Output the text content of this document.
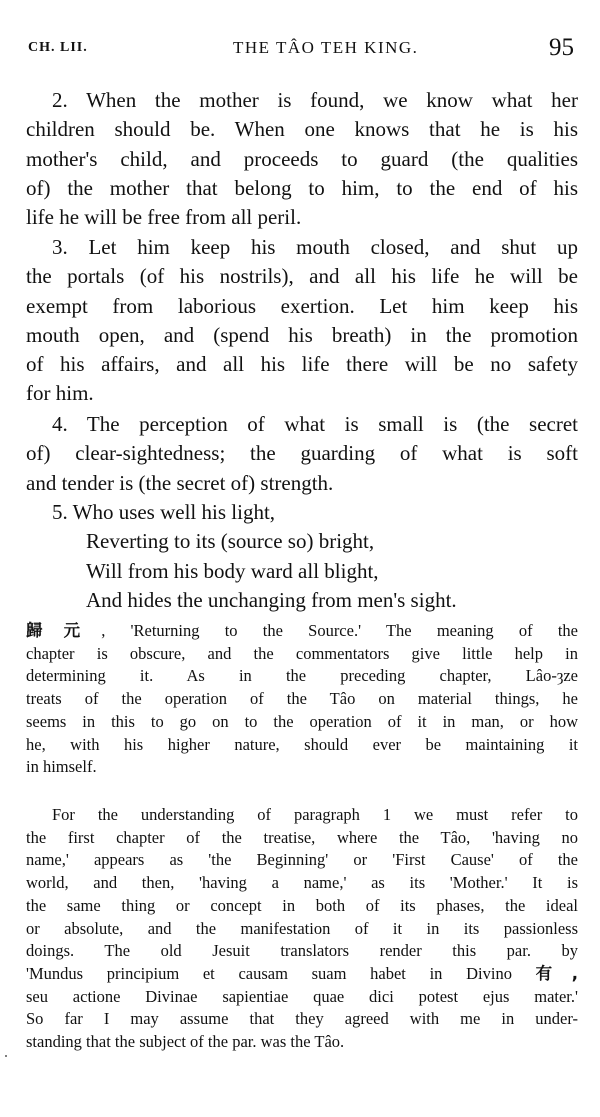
CH. LII.	THE TÂO TEH KING.	95
2. When the mother is found, we know what her
children should be. When one knows that he is his
mother's child, and proceeds to guard (the qualities
of) the mother that belong to him, to the end of his
life he will be free from all peril.
3. Let him keep his mouth closed, and shut up
the portals (of his nostrils), and all his life he will be
exempt from laborious exertion. Let him keep his
mouth open, and (spend his breath) in the promotion
of his affairs, and all his life there will be no safety
for him.
4. The perception of what is small is (the secret
of) clear-sightedness; the guarding of what is soft
and tender is (the secret of) strength.
5. Who uses well his light,
Reverting to its (source so) bright,
Will from his body ward all blight,
And hides the unchanging from men's sight.
歸元, 'Returning to the Source.' The meaning of the
chapter is obscure, and the commentators give little help in
determining it. As in the preceding chapter, Lâo-ȝze
treats of the operation of the Tâo on material things, he
seems in this to go on to the operation of it in man, or how
he, with his higher nature, should ever be maintaining it
in himself.
For the understanding of paragraph 1 we must refer to
the first chapter of the treatise, where the Tâo, 'having no
name,' appears as 'the Beginning' or 'First Cause' of the
world, and then, 'having a name,' as its 'Mother.' It is
the same thing or concept in both of its phases, the ideal
or absolute, and the manifestation of it in its passionless
doings. The old Jesuit translators render this par. by
'Mundus principium et causam suam habet in Divino 有,
seu actione Divinae sapientiae quae dici potest ejus mater.'
So far I may assume that they agreed with me in under-
standing that the subject of the par. was the Tâo.
